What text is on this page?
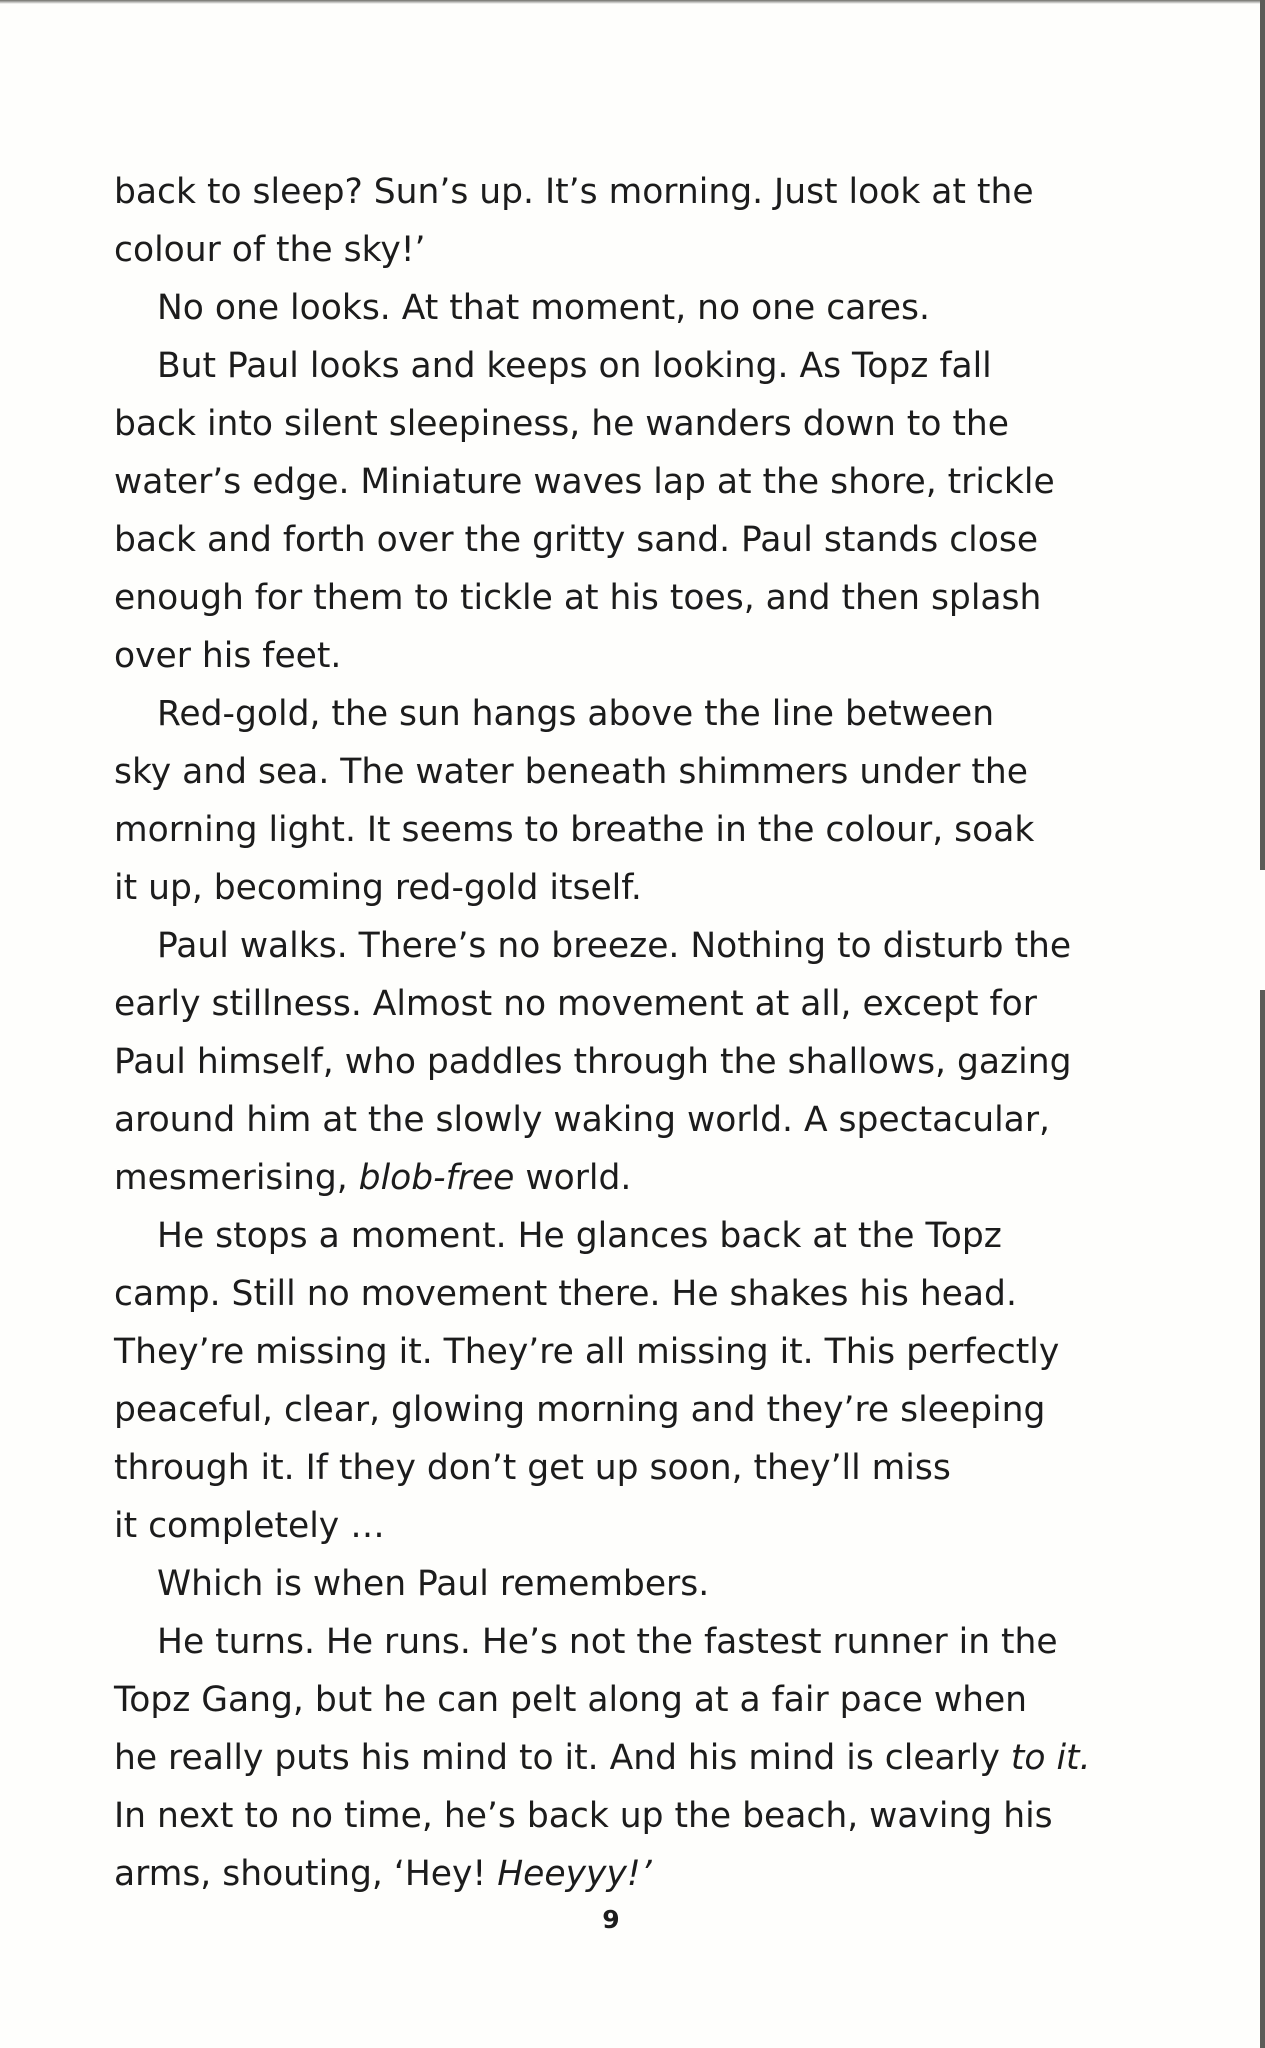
back to sleep? Sun’s up. It’s morning. Just look at the
colour of the sky!’
No one looks. At that moment, no one cares.
But Paul looks and keeps on looking. As Topz fall
back into silent sleepiness, he wanders down to the
water’s edge. Miniature waves lap at the shore, trickle
back and forth over the gritty sand. Paul stands close
enough for them to tickle at his toes, and then splash
over his feet.
Red-gold, the sun hangs above the line between
sky and sea. The water beneath shimmers under the
morning light. It seems to breathe in the colour, soak
it up, becoming red-gold itself.
Paul walks. There’s no breeze. Nothing to disturb the
early stillness. Almost no movement at all, except for
Paul himself, who paddles through the shallows, gazing
around him at the slowly waking world. A spectacular,
mesmerising, blob-free world.
He stops a moment. He glances back at the Topz
camp. Still no movement there. He shakes his head.
They’re missing it. They’re all missing it. This perfectly
peaceful, clear, glowing morning and they’re sleeping
through it. If they don’t get up soon, they’ll miss
it completely …
Which is when Paul remembers.
He turns. He runs. He’s not the fastest runner in the
Topz Gang, but he can pelt along at a fair pace when
he really puts his mind to it. And his mind is clearly to it.
In next to no time, he’s back up the beach, waving his
arms, shouting, ‘Hey! Heeyyy!’
9
